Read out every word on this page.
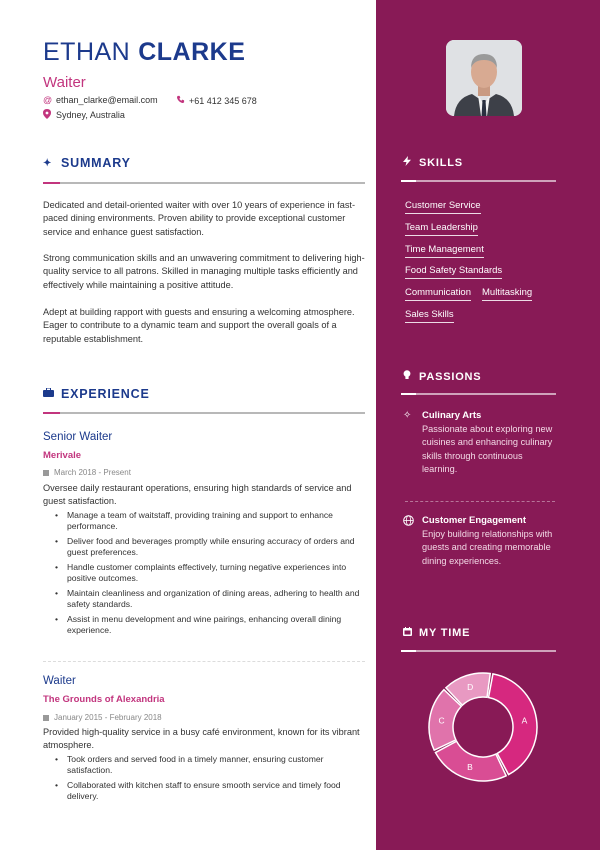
ETHAN CLARKE
Waiter
@ ethan_clarke@email.com	+61 412 345 678
Sydney, Australia
✦ SUMMARY
Dedicated and detail-oriented waiter with over 10 years of experience in fast-paced dining environments. Proven ability to provide exceptional customer service and enhance guest satisfaction.
Strong communication skills and an unwavering commitment to delivering high-quality service to all patrons. Skilled in managing multiple tasks efficiently and effectively while maintaining a positive attitude.
Adept at building rapport with guests and ensuring a welcoming atmosphere. Eager to contribute to a dynamic team and support the overall goals of a reputable establishment.
EXPERIENCE
Senior Waiter
Merivale
March 2018 - Present
Oversee daily restaurant operations, ensuring high standards of service and guest satisfaction.
• Manage a team of waitstaff, providing training and support to enhance performance.
• Deliver food and beverages promptly while ensuring accuracy of orders and guest preferences.
• Handle customer complaints effectively, turning negative experiences into positive outcomes.
• Maintain cleanliness and organization of dining areas, adhering to health and safety standards.
• Assist in menu development and wine pairings, enhancing overall dining experience.
Waiter
The Grounds of Alexandria
January 2015 - February 2018
Provided high-quality service in a busy café environment, known for its vibrant atmosphere.
• Took orders and served food in a timely manner, ensuring customer satisfaction.
• Collaborated with kitchen staff to ensure smooth service and timely food delivery.
SKILLS
Customer Service
Team Leadership
Time Management
Food Safety Standards
Communication Multitasking
Sales Skills
PASSIONS
✧ Culinary Arts
Passionate about exploring new cuisines and enhancing culinary skills through continuous learning.
Customer Engagement
Enjoy building relationships with guests and creating memorable dining experiences.
MY TIME
A
B
C
D
